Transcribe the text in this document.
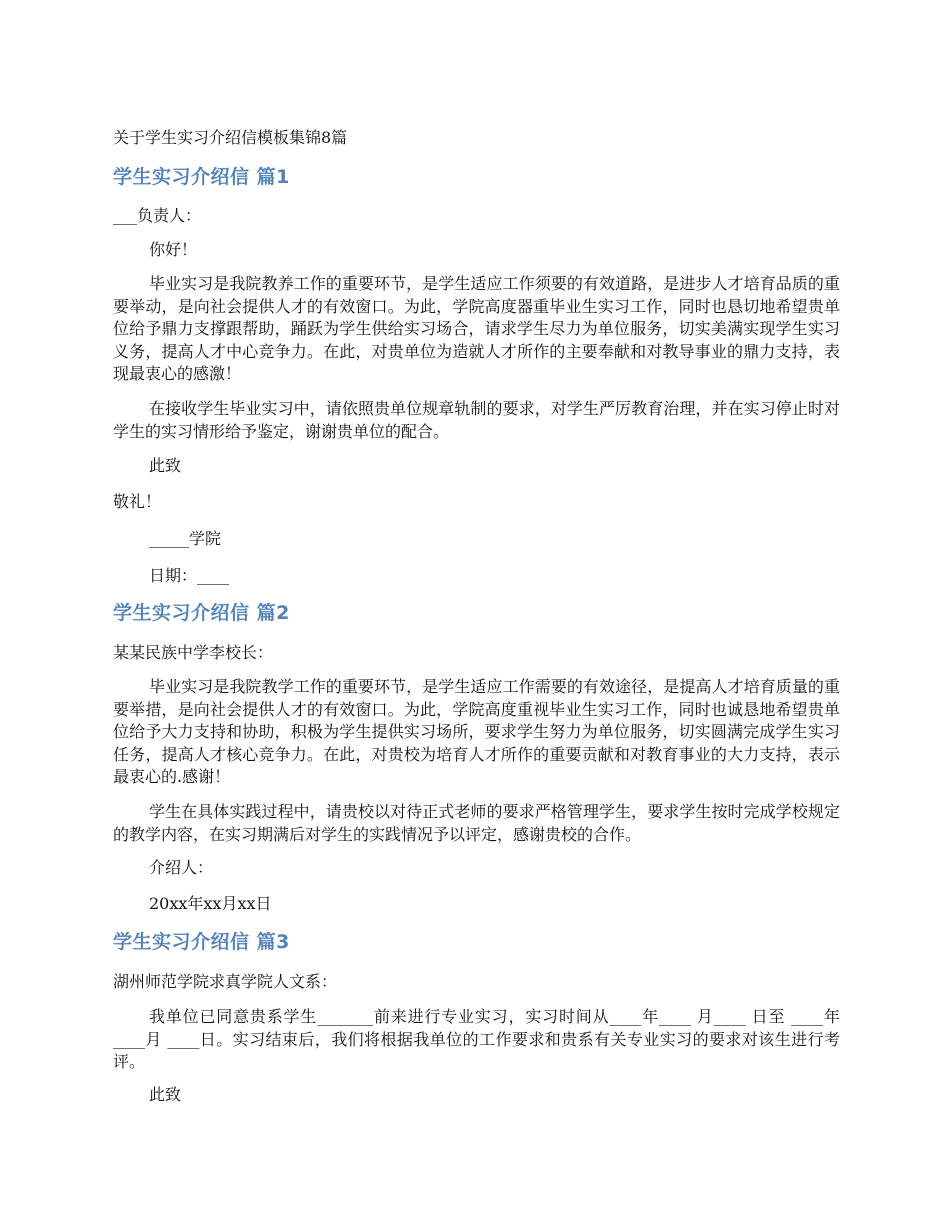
关于学生实习介绍信模板集锦8篇
学生实习介绍信 篇1
___负责人：
你好！
毕业实习是我院教养工作的重要环节，是学生适应工作须要的有效道路，是进步人才培育品质的重要举动，是向社会提供人才的有效窗口。为此，学院高度器重毕业生实习工作，同时也恳切地希望贵单位给予鼎力支撑跟帮助，踊跃为学生供给实习场合，请求学生尽力为单位服务，切实美满实现学生实习义务，提高人才中心竞争力。在此，对贵单位为造就人才所作的主要奉献和对教导事业的鼎力支持，表现最衷心的感激！
在接收学生毕业实习中，请依照贵单位规章轨制的要求，对学生严厉教育治理，并在实习停止时对学生的实习情形给予鉴定，谢谢贵单位的配合。
此致
敬礼！
_____学院
日期：____
学生实习介绍信 篇2
某某民族中学李校长：
毕业实习是我院教学工作的重要环节，是学生适应工作需要的有效途径，是提高人才培育质量的重要举措，是向社会提供人才的有效窗口。为此，学院高度重视毕业生实习工作，同时也诚恳地希望贵单位给予大力支持和协助，积极为学生提供实习场所，要求学生努力为单位服务，切实圆满完成学生实习任务，提高人才核心竞争力。在此，对贵校为培育人才所作的重要贡献和对教育事业的大力支持，表示最衷心的.感谢！
学生在具体实践过程中，请贵校以对待正式老师的要求严格管理学生，要求学生按时完成学校规定的教学内容，在实习期满后对学生的实践情况予以评定，感谢贵校的合作。
介绍人：
20xx年xx月xx日
学生实习介绍信 篇3
湖州师范学院求真学院人文系：
我单位已同意贵系学生_______前来进行专业实习，实习时间从____年____ 月____ 日至 ____年 ____月 ____日。实习结束后，我们将根据我单位的工作要求和贵系有关专业实习的要求对该生进行考评。
此致
